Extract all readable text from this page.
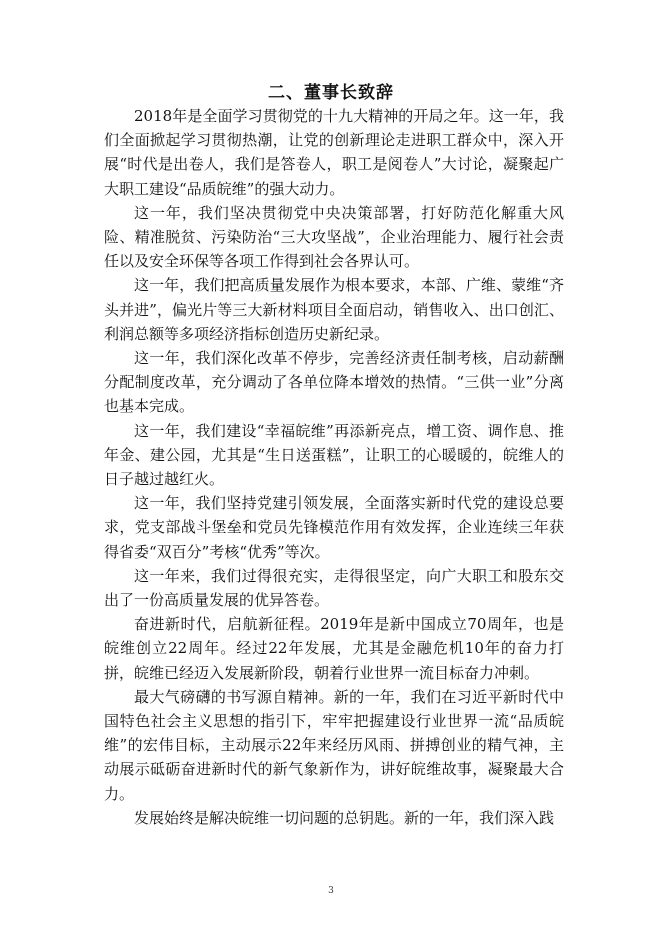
二、董事长致辞

2018年是全面学习贯彻党的十九大精神的开局之年。这一年，我们全面掀起学习贯彻热潮，让党的创新理论走进职工群众中，深入开展“时代是出卷人，我们是答卷人，职工是阅卷人”大讨论，凝聚起广大职工建设“品质皖维”的强大动力。

这一年，我们坚决贯彻党中央决策部署，打好防范化解重大风险、精准脱贫、污染防治“三大攻坚战”，企业治理能力、履行社会责任以及安全环保等各项工作得到社会各界认可。

这一年，我们把高质量发展作为根本要求，本部、广维、蒙维“齐头并进”，偏光片等三大新材料项目全面启动，销售收入、出口创汇、利润总额等多项经济指标创造历史新纪录。

这一年，我们深化改革不停步，完善经济责任制考核，启动薪酬分配制度改革，充分调动了各单位降本增效的热情。“三供一业”分离也基本完成。

这一年，我们建设“幸福皖维”再添新亮点，增工资、调作息、推年金、建公园，尤其是“生日送蛋糕”，让职工的心暖暖的，皖维人的日子越过越红火。

这一年，我们坚持党建引领发展，全面落实新时代党的建设总要求，党支部战斗堡垒和党员先锋模范作用有效发挥，企业连续三年获得省委“双百分”考核“优秀”等次。

这一年来，我们过得很充实，走得很坚定，向广大职工和股东交出了一份高质量发展的优异答卷。

奋进新时代，启航新征程。2019年是新中国成立70周年，也是皖维创立22周年。经过22年发展，尤其是金融危机10年的奋力打拼，皖维已经迈入发展新阶段，朝着行业世界一流目标奋力冲刺。

最大气磅礴的书写源自精神。新的一年，我们在习近平新时代中国特色社会主义思想的指引下，牢牢把握建设行业世界一流“品质皖维”的宏伟目标，主动展示22年来经历风雨、拼搏创业的精气神，主动展示砥砺奋进新时代的新气象新作为，讲好皖维故事，凝聚最大合力。

发展始终是解决皖维一切问题的总钥匙。新的一年，我们深入践

3
